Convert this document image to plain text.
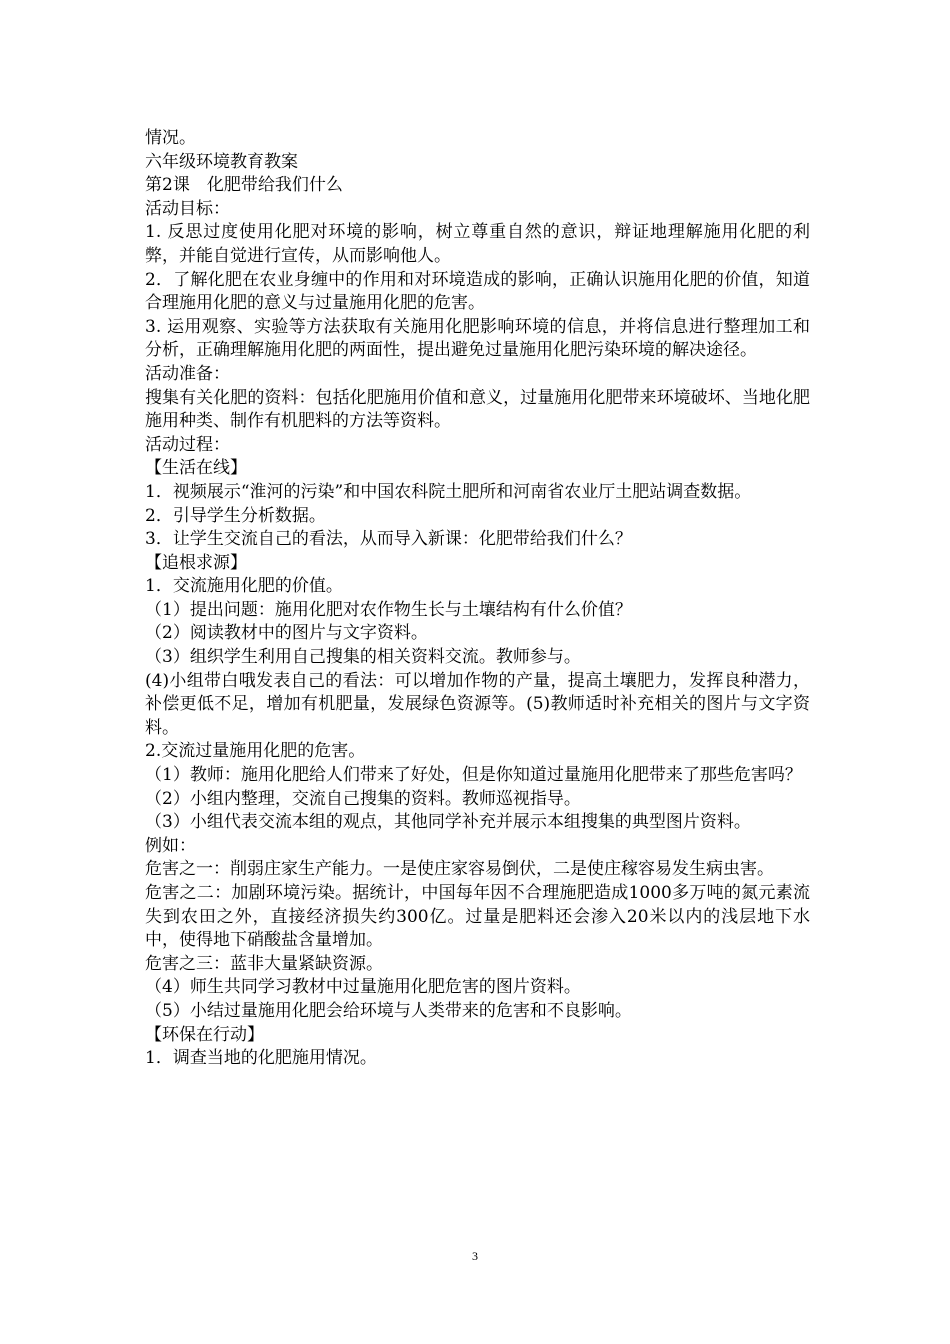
情况。

六年级环境教育教案

第2课　化肥带给我们什么

活动目标：

1. 反思过度使用化肥对环境的影响，树立尊重自然的意识，辩证地理解施用化肥的利弊，并能自觉进行宣传，从而影响他人。

2．了解化肥在农业身缠中的作用和对环境造成的影响，正确认识施用化肥的价值，知道合理施用化肥的意义与过量施用化肥的危害。

3. 运用观察、实验等方法获取有关施用化肥影响环境的信息，并将信息进行整理加工和分析，正确理解施用化肥的两面性，提出避免过量施用化肥污染环境的解决途径。

活动准备：

搜集有关化肥的资料：包括化肥施用价值和意义，过量施用化肥带来环境破坏、当地化肥施用种类、制作有机肥料的方法等资料。

活动过程：

【生活在线】

1．视频展示“淮河的污染”和中国农科院土肥所和河南省农业厅土肥站调查数据。

2．引导学生分析数据。

3．让学生交流自己的看法，从而导入新课：化肥带给我们什么？

【追根求源】

1．交流施用化肥的价值。

（1）提出问题：施用化肥对农作物生长与土壤结构有什么价值？

（2）阅读教材中的图片与文字资料。

（3）组织学生利用自己搜集的相关资料交流。教师参与。

(4)小组带白哦发表自己的看法：可以增加作物的产量，提高土壤肥力，发挥良种潜力，补偿更低不足，增加有机肥量，发展绿色资源等。(5)教师适时补充相关的图片与文字资料。

2.交流过量施用化肥的危害。

（1）教师：施用化肥给人们带来了好处，但是你知道过量施用化肥带来了那些危害吗？

（2）小组内整理，交流自己搜集的资料。教师巡视指导。

（3）小组代表交流本组的观点，其他同学补充并展示本组搜集的典型图片资料。

例如：

危害之一：削弱庄家生产能力。一是使庄家容易倒伏，二是使庄稼容易发生病虫害。

危害之二：加剧环境污染。据统计，中国每年因不合理施肥造成1000多万吨的氮元素流失到农田之外，直接经济损失约300亿。过量是肥料还会渗入20米以内的浅层地下水中，使得地下硝酸盐含量增加。

危害之三：蓝非大量紧缺资源。

（4）师生共同学习教材中过量施用化肥危害的图片资料。

（5）小结过量施用化肥会给环境与人类带来的危害和不良影响。

【环保在行动】

1．调查当地的化肥施用情况。

3
